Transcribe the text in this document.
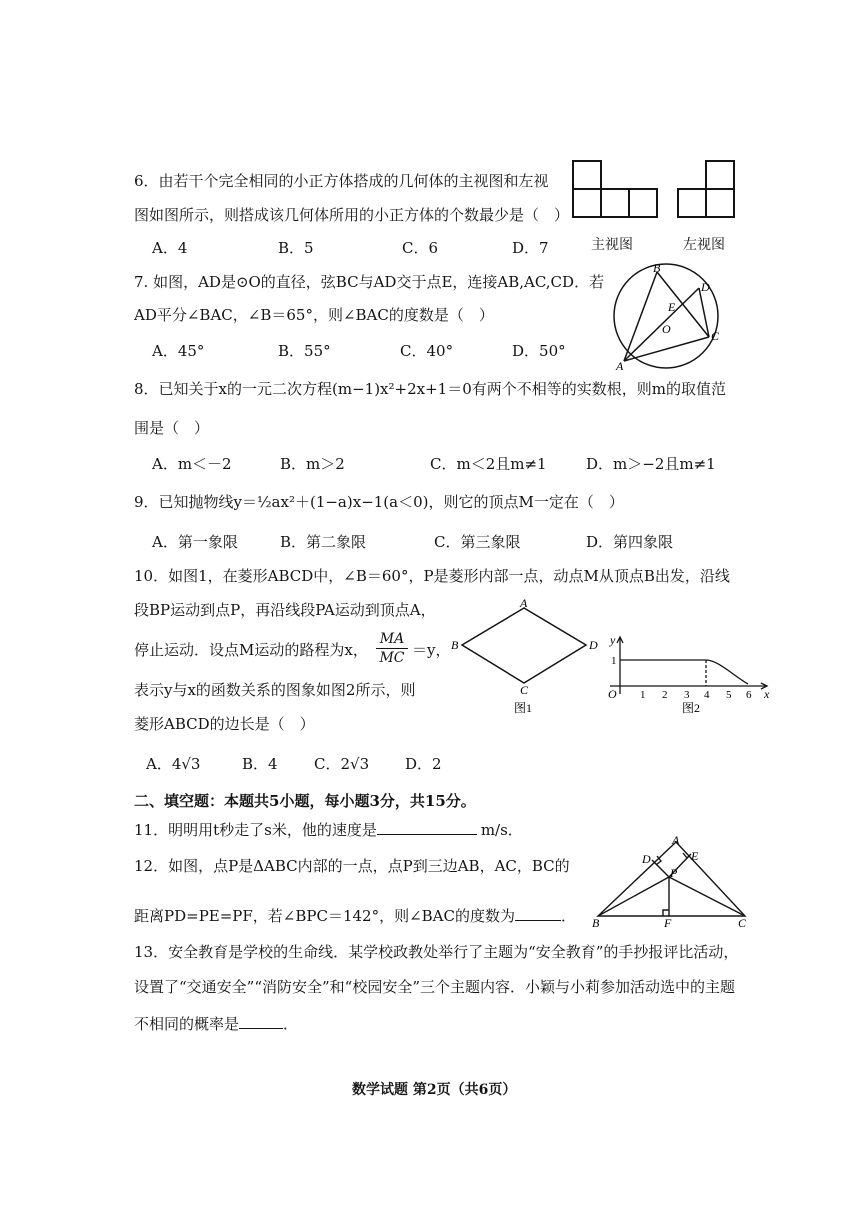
6．由若干个完全相同的小正方体搭成的几何体的主视图和左视
图如图所示，则搭成该几何体所用的小正方体的个数最少是（　）
A．4	B．5	C．6	D．7	主视图	左视图
7. 如图，AD是⊙O的直径，弦BC与AD交于点E，连接AB,AC,CD．若
AD平分∠BAC，∠B＝65°，则∠BAC的度数是（　）
A．45°	B．55°	C．40°	D．50°
B
D
E
O	C
A
8．已知关于x的一元二次方程(m−1)x²+2x+1＝0有两个不相等的实数根，则m的取值范
围是（　）
A．m＜－2	B．m＞2	C．m＜2且m≠1	D．m＞−2且m≠1
9．已知抛物线y＝½ax²＋(1−a)x−1(a＜0)，则它的顶点M一定在（　）
A．第一象限	B．第二象限	C．第三象限	D．第四象限
10．如图1，在菱形ABCD中，∠B＝60°，P是菱形内部一点，动点M从顶点B出发，沿线
段BP运动到点P，再沿线段PA运动到顶点A，
停止运动．设点M运动的路程为x， $\frac{MA}{MC} =y$，
表示y与x的函数关系的图象如图2所示，则
菱形ABCD的边长是（　）
A．4√3	B．4 C．2√3 D．2
A
B
C
D
图1
y
1
O 1 2 3 4 5 6 x
图2
二、填空题：本题共5小题，每小题3分，共15分。
11．明明用t秒走了s米，他的速度是	m/s．
12．如图，点P是ΔABC内部的一点，点P到三边AB，AC，BC的
距离PD=PE=PF，若∠BPC＝142°，则∠BAC的度数为	．
A
D	E
P
B	F	C
13．安全教育是学校的生命线．某学校政教处举行了主题为“安全教育”的手抄报评比活动，
设置了“交通安全”“消防安全”和“校园安全”三个主题内容．小颖与小莉参加活动选中的主题
不相同的概率是	．
数学试题 第2页（共6页）
